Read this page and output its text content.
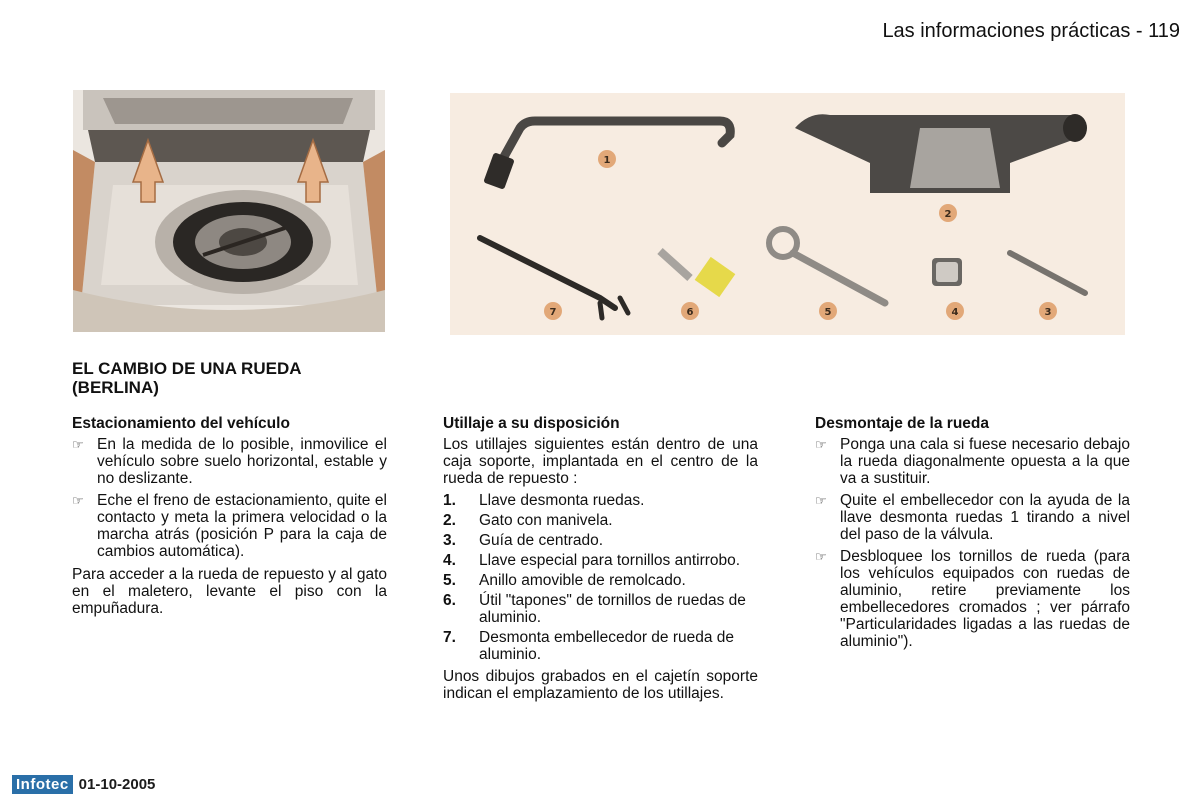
Las informaciones prácticas - 119
1
2
7	6	5	4	3
EL CAMBIO DE UNA RUEDA
(BERLINA)
Estacionamiento del vehículo
☞ En la medida de lo posible, inmovilice el vehículo sobre suelo horizontal, estable y no deslizante.
☞ Eche el freno de estacionamiento, quite el contacto y meta la primera velocidad o la marcha atrás (posición P para la caja de cambios automática).
Para acceder a la rueda de repuesto y al gato en el maletero, levante el piso con la empuñadura.
Utillaje a su disposición
Los utillajes siguientes están dentro de una caja soporte, implantada en el centro de la rueda de repuesto :
1. Llave desmonta ruedas.
2. Gato con manivela.
3. Guía de centrado.
4. Llave especial para tornillos antirrobo.
5. Anillo amovible de remolcado.
6. Útil "tapones" de tornillos de ruedas de aluminio.
7. Desmonta embellecedor de rueda de aluminio.
Unos dibujos grabados en el cajetín soporte indican el emplazamiento de los utillajes.
Desmontaje de la rueda
☞ Ponga una cala si fuese necesario debajo la rueda diagonalmente opuesta a la que va a sustituir.
☞ Quite el embellecedor con la ayuda de la llave desmonta ruedas 1 tirando a nivel del paso de la válvula.
☞ Desbloquee los tornillos de rueda (para los vehículos equipados con ruedas de aluminio, retire previamente los embellecedores cromados ; ver párrafo "Particularidades ligadas a las ruedas de aluminio").
Infotec 01-10-2005
